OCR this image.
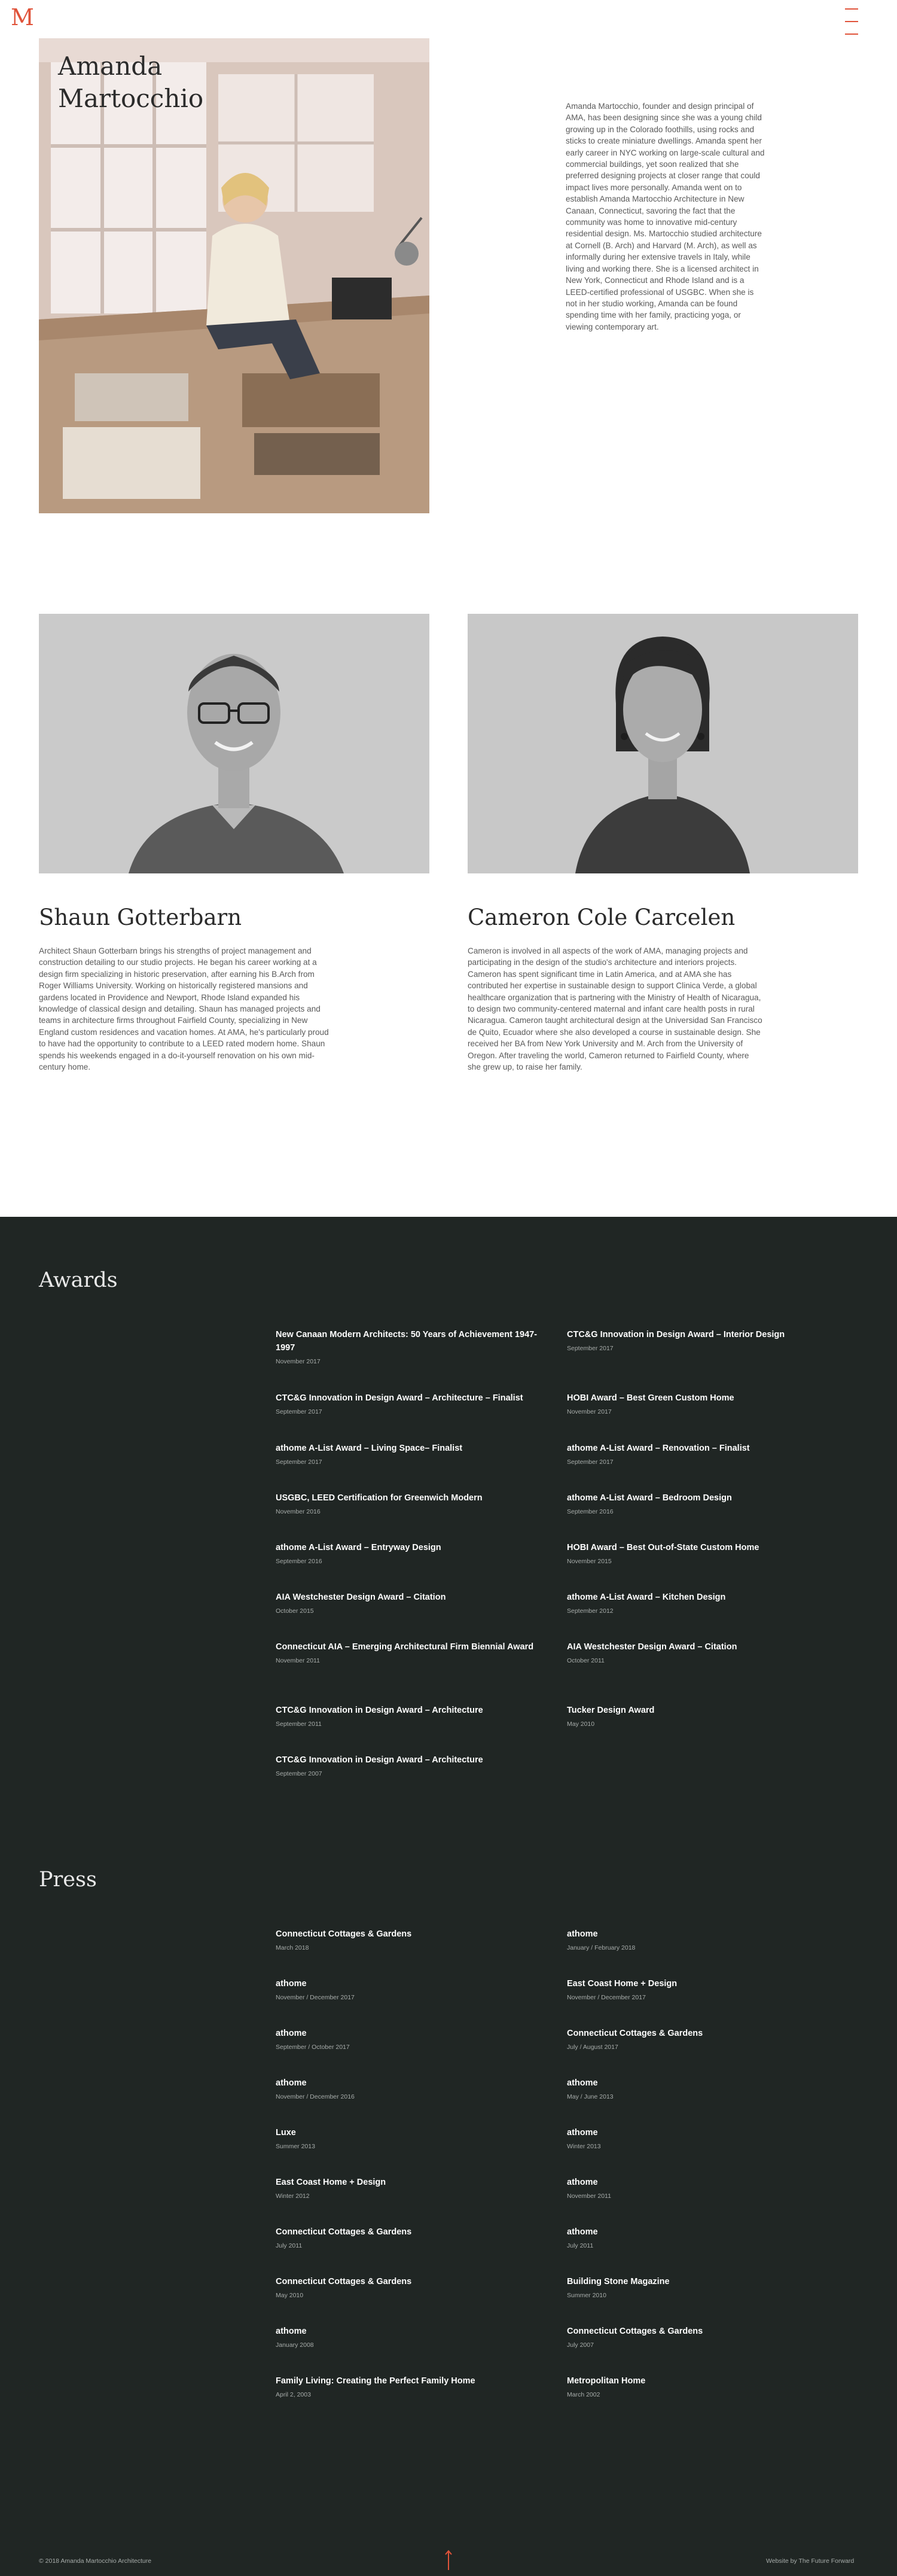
M
Amanda
Martocchio	Amanda Martocchio, founder and design principal of AMA, has been designing since she was a young child growing up in the Colorado foothills, using rocks and sticks to create miniature dwellings. Amanda spent her early career in NYC working on large-scale cultural and commercial buildings, yet soon realized that she preferred designing projects at closer range that could impact lives more personally. Amanda went on to establish Amanda Martocchio Architecture in New Canaan, Connecticut, savoring the fact that the community was home to innovative mid-century residential design. Ms. Martocchio studied architecture at Cornell (B. Arch) and Harvard (M. Arch), as well as informally during her extensive travels in Italy, while living and working there. She is a licensed architect in New York, Connecticut and Rhode Island and is a LEED-certified professional of USGBC. When she is not in her studio working, Amanda can be found spending time with her family, practicing yoga, or viewing contemporary art.

Shaun Gotterbarn

Architect Shaun Gotterbarn brings his strengths of project management and construction detailing to our studio projects. He began his career working at a design firm specializing in historic preservation, after earning his B.Arch from Roger Williams University. Working on historically registered mansions and gardens located in Providence and Newport, Rhode Island expanded his knowledge of classical design and detailing. Shaun has managed projects and teams in architecture firms throughout Fairfield County, specializing in New England custom residences and vacation homes. At AMA, he's particularly proud to have had the opportunity to contribute to a LEED rated modern home. Shaun spends his weekends engaged in a do-it-yourself renovation on his own mid-century home.

Cameron Cole Carcelen

Cameron is involved in all aspects of the work of AMA, managing projects and participating in the design of the studio's architecture and interiors projects. Cameron has spent significant time in Latin America, and at AMA she has contributed her expertise in sustainable design to support Clinica Verde, a global healthcare organization that is partnering with the Ministry of Health of Nicaragua, to design two community-centered maternal and infant care health posts in rural Nicaragua. Cameron taught architectural design at the Universidad San Francisco de Quito, Ecuador where she also developed a course in sustainable design. She received her BA from New York University and M. Arch from the University of Oregon. After traveling the world, Cameron returned to Fairfield County, where she grew up, to raise her family.

Awards
New Canaan Modern Architects: 50 Years of Achievement 1947-1997
November 2017
CTC&G Innovation in Design Award – Interior Design
September 2017
CTC&G Innovation in Design Award – Architecture – Finalist
September 2017
HOBI Award – Best Green Custom Home
November 2017
athome A-List Award – Living Space– Finalist
September 2017
athome A-List Award – Renovation – Finalist
September 2017
USGBC, LEED Certification for Greenwich Modern
November 2016
athome A-List Award – Bedroom Design
September 2016
athome A-List Award – Entryway Design
September 2016
HOBI Award – Best Out-of-State Custom Home
November 2015
AIA Westchester Design Award – Citation
October 2015
athome A-List Award – Kitchen Design
September 2012
Connecticut AIA – Emerging Architectural Firm Biennial Award
November 2011
AIA Westchester Design Award – Citation
October 2011
CTC&G Innovation in Design Award – Architecture
September 2011
Tucker Design Award
May 2010
CTC&G Innovation in Design Award – Architecture
September 2007
Press
Connecticut Cottages & Gardens
March 2018
athome
January / February 2018
athome
November / December 2017
East Coast Home + Design
November / December 2017
athome
September / October 2017
Connecticut Cottages & Gardens
July / August 2017
athome
November / December 2016
athome
May / June 2013
Luxe
Summer 2013
athome
Winter 2013
East Coast Home + Design
Winter 2012
athome
November 2011
Connecticut Cottages & Gardens
July 2011
athome
July 2011
Connecticut Cottages & Gardens
May 2010
Building Stone Magazine
Summer 2010
athome
January 2008
Connecticut Cottages & Gardens
July 2007
Family Living: Creating the Perfect Family Home
April 2, 2003
Metropolitan Home
March 2002
© 2018 Amanda Martocchio Architecture	Website by The Future Forward
